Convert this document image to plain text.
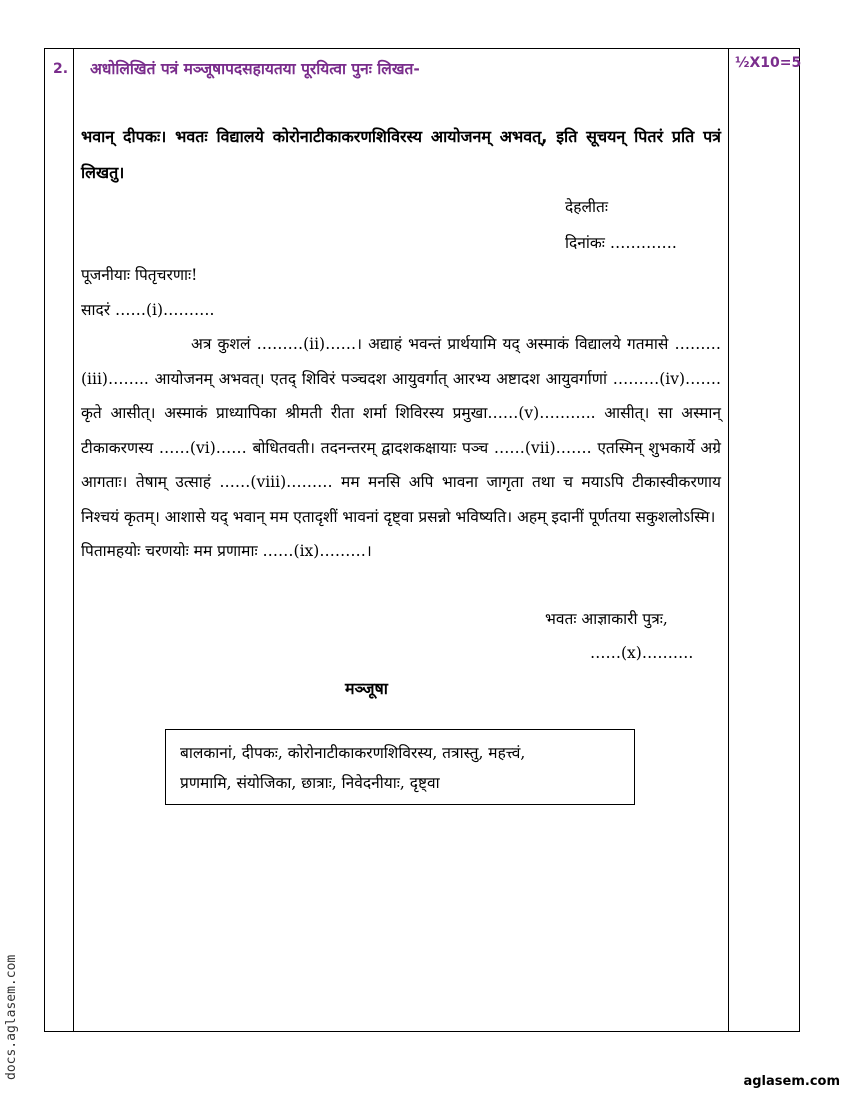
2.	½X10=5
अधोलिखितं पत्रं मञ्जूषापदसहायतया पूरयित्वा पुनः लिखत-
भवान् दीपकः। भवतः विद्यालये कोरोनाटीकाकरणशिविरस्य आयोजनम् अभवत्, इति सूचयन् पितरं प्रति पत्रं लिखतु।
देहलीतः
दिनांकः ………….
पूजनीयाः पितृचरणाः!
सादरं ……(i)……….
अत्र कुशलं ………(ii)……। अद्याहं भवन्तं प्रार्थयामि यद् अस्माकं विद्यालये गतमासे ………(iii)…….. आयोजनम् अभवत्। एतद् शिविरं पञ्चदश आयुवर्गात् आरभ्य अष्टादश आयुवर्गाणां ………(iv)……. कृते आसीत्। अस्माकं प्राध्यापिका श्रीमती रीता शर्मा शिविरस्य प्रमुखा……(v)……….. आसीत्। सा अस्मान् टीकाकरणस्य ……(vi)…… बोधितवती। तदनन्तरम् द्वादशकक्षायाः पञ्च ……(vii)……. एतस्मिन् शुभकार्ये अग्रे आगताः। तेषाम् उत्साहं ……(viii)……… मम मनसि अपि भावना जागृता तथा च मयाऽपि टीकास्वीकरणाय निश्चयं कृतम्। आशासे यद् भवान् मम एतादृशीं भावनां दृष्ट्वा प्रसन्नो भविष्यति। अहम् इदानीं पूर्णतया सकुशलोऽस्मि।
पितामहयोः चरणयोः मम प्रणामाः ……(ix)………।
भवतः आज्ञाकारी पुत्रः,
……(x)……….
मञ्जूषा
बालकानां, दीपकः, कोरोनाटीकाकरणशिविरस्य, तत्रास्तु, महत्त्वं,
प्रणमामि, संयोजिका, छात्राः, निवेदनीयाः, दृष्ट्वा
docs.aglasem.com
aglasem.com
